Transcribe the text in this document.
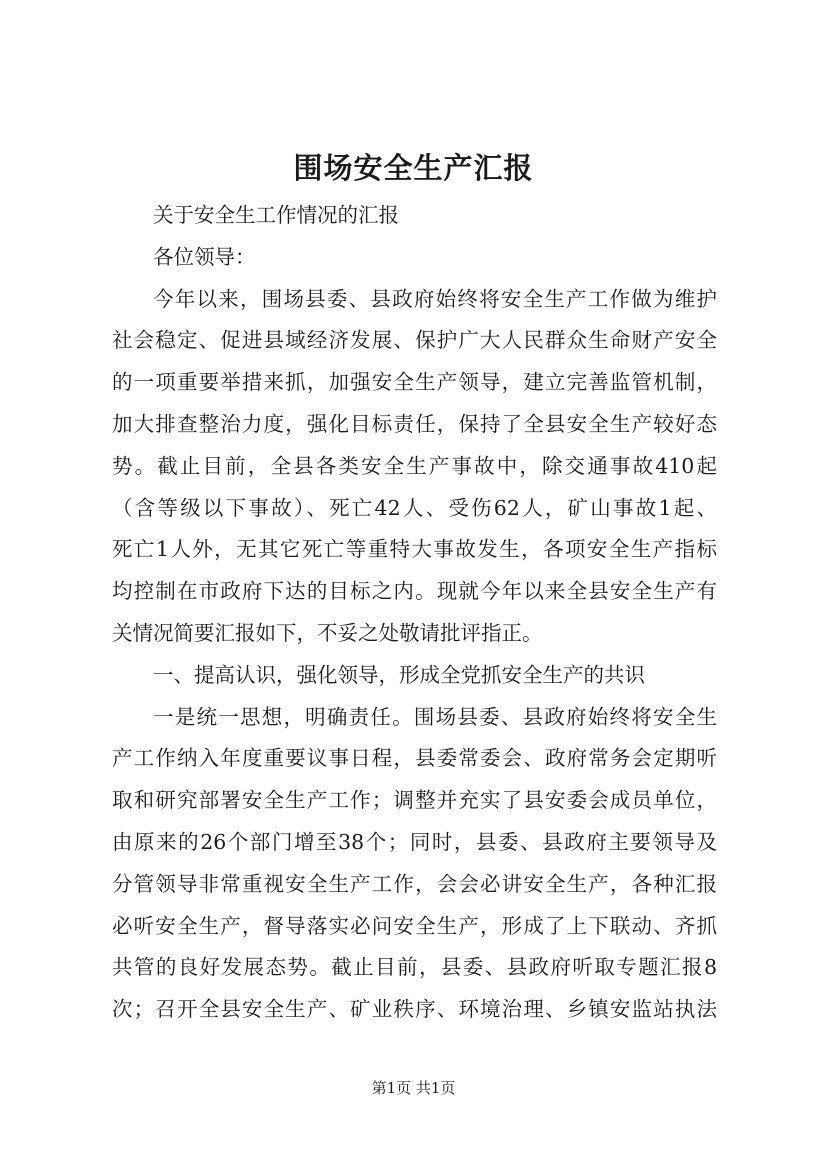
围场安全生产汇报
关于安全生工作情况的汇报
各位领导：
今年以来，围场县委、县政府始终将安全生产工作做为维护
社会稳定、促进县域经济发展、保护广大人民群众生命财产安全
的一项重要举措来抓，加强安全生产领导，建立完善监管机制，
加大排查整治力度，强化目标责任，保持了全县安全生产较好态
势。截止目前，全县各类安全生产事故中，除交通事故410起
（含等级以下事故）、死亡42人、受伤62人，矿山事故1起、
死亡1人外，无其它死亡等重特大事故发生，各项安全生产指标
均控制在市政府下达的目标之内。现就今年以来全县安全生产有
关情况简要汇报如下，不妥之处敬请批评指正。
一、提高认识，强化领导，形成全党抓安全生产的共识
一是统一思想，明确责任。围场县委、县政府始终将安全生
产工作纳入年度重要议事日程，县委常委会、政府常务会定期听
取和研究部署安全生产工作；调整并充实了县安委会成员单位，
由原来的26个部门增至38个；同时，县委、县政府主要领导及
分管领导非常重视安全生产工作，会会必讲安全生产，各种汇报
必听安全生产，督导落实必问安全生产，形成了上下联动、齐抓
共管的良好发展态势。截止目前，县委、县政府听取专题汇报8
次；召开全县安全生产、矿业秩序、环境治理、乡镇安监站执法
第1页 共1页
